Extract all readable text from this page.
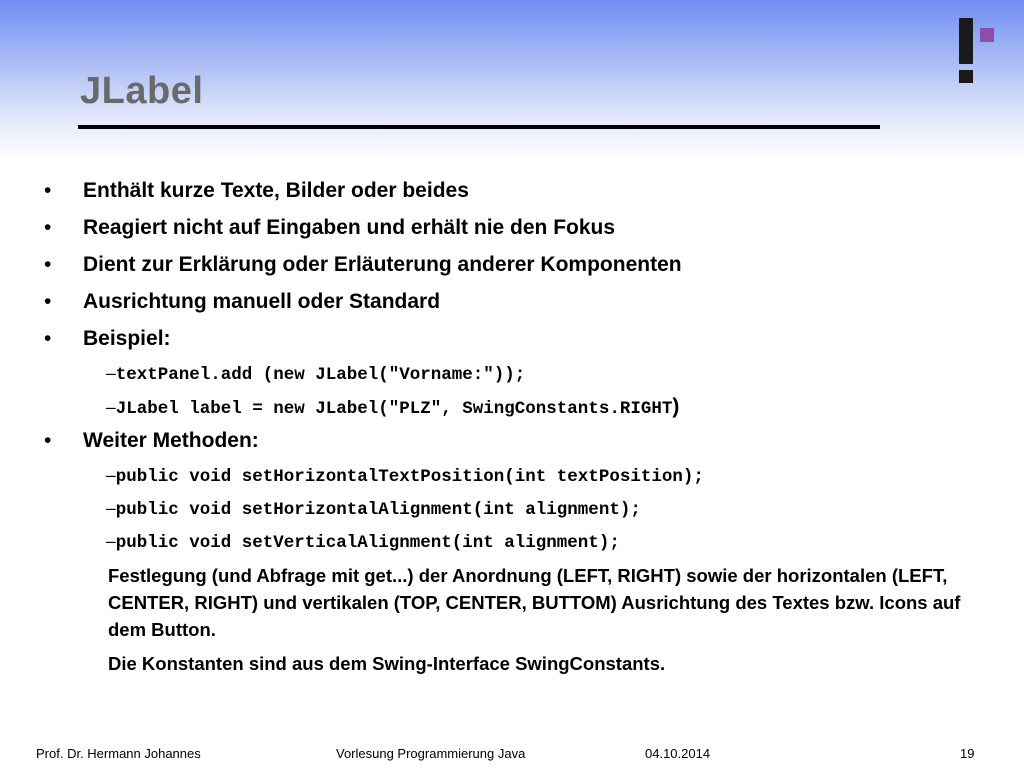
JLabel
• Enthält kurze Texte, Bilder oder beides
• Reagiert nicht auf Eingaben und erhält nie den Fokus
• Dient zur Erklärung oder Erläuterung anderer Komponenten
• Ausrichtung manuell oder Standard
• Beispiel:
–textPanel.add (new JLabel("Vorname:"));
–JLabel label = new JLabel("PLZ", SwingConstants.RIGHT)
• Weiter Methoden:
–public void setHorizontalTextPosition(int textPosition);
–public void setHorizontalAlignment(int alignment);
–public void setVerticalAlignment(int alignment);
Festlegung (und Abfrage mit get...) der Anordnung (LEFT, RIGHT) sowie der horizontalen (LEFT, CENTER, RIGHT) und vertikalen (TOP, CENTER, BUTTOM) Ausrichtung des Textes bzw. Icons auf dem Button.
Die Konstanten sind aus dem Swing-Interface SwingConstants.
Prof. Dr. Hermann Johannes	Vorlesung Programmierung Java	04.10.2014	19
